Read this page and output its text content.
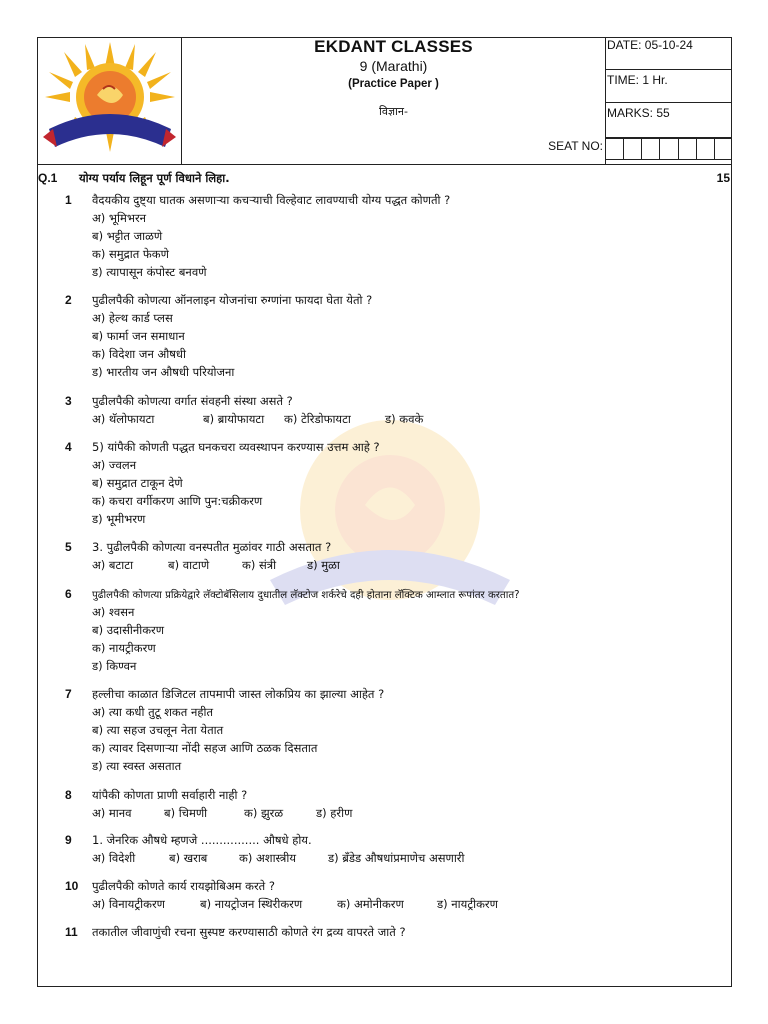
EKDANT CLASSES
9 (Marathi)
(Practice Paper )
विज्ञान-
SEAT NO:
DATE: 05-10-24
TIME: 1 Hr.
MARKS: 55
Q.1 योग्य पर्याय लिहून पूर्ण विधाने लिहा.	15
1	वैदयकीय दुष्ट्या घातक असणाऱ्या कचऱ्याची विल्हेवाट लावण्याची योग्य पद्धत कोणती ?
अ) भूमिभरन
ब) भट्टीत जाळणे
क) समुद्रात फेकणे
ड) त्यापासून कंपोस्ट बनवणे
2	पुढीलपैकी कोणत्या ऑनलाइन योजनांचा रुग्णांना फायदा घेता येतो ?
अ) हेल्थ कार्ड प्लस
ब) फार्मा जन समाधान
क) विदेशा जन औषधी
ड) भारतीय जन औषधी परियोजना
3	पुढीलपैकी कोणत्या वर्गात संवहनी संस्था असते ?
अ) थॅलोफायटा	ब) ब्रायोफायटा क) टेरिडोफायटा	ड) कवके
4	5) यांपैकी कोणती पद्धत घनकचरा व्यवस्थापन करण्यास उत्तम आहे ?
अ) ज्वलन
ब) समुद्रात टाकून देणे
क) कचरा वर्गीकरण आणि पुन:चक्रीकरण
ड) भूमीभरण
5	3. पुढीलपैकी कोणत्या वनस्पतीत मुळांवर गाठी असतात ?
अ) बटाटा	ब) वाटाणे	क) संत्री	ड) मुळा
6	पुढीलपैकी कोणत्या प्रक्रियेद्वारे लॅक्टोबॅसिलाय दुधातील लॅक्टोज शर्करेचे दही होताना लॅक्टिक आम्लात रूपांतर करतात?
अ) श्वसन
ब) उदासीनीकरण
क) नायट्रीकरण
ड) किण्वन
7	हल्लीचा काळात डिजिटल तापमापी जास्त लोकप्रिय का झाल्या आहेत ?
अ) त्या कधी तुटू शकत नहीत
ब) त्या सहज उचलून नेता येतात
क) त्यावर दिसणाऱ्या नोंदी सहज आणि ठळक दिसतात
ड) त्या स्वस्त असतात
8	यांपैकी कोणता प्राणी सर्वाहारी नाही ?
अ) मानव	ब) चिमणी	क) झुरळ	ड) हरीण
9	1. जेनरिक औषधे म्हणजे ................ औषधे होय.
अ) विदेशी	ब) खराब	क) अशास्त्रीय	ड) ब्रँडेड औषधांप्रमाणेच असणारी
10	पुढीलपैकी कोणते कार्य रायझोबिअम करते ?
अ) विनायट्रीकरण	ब) नायट्रोजन स्थिरीकरण	क) अमोनीकरण	ड) नायट्रीकरण
11	तकातील जीवाणुंची रचना सुस्पष्ट करण्यासाठी कोणते रंग द्रव्य वापरते जाते ?
